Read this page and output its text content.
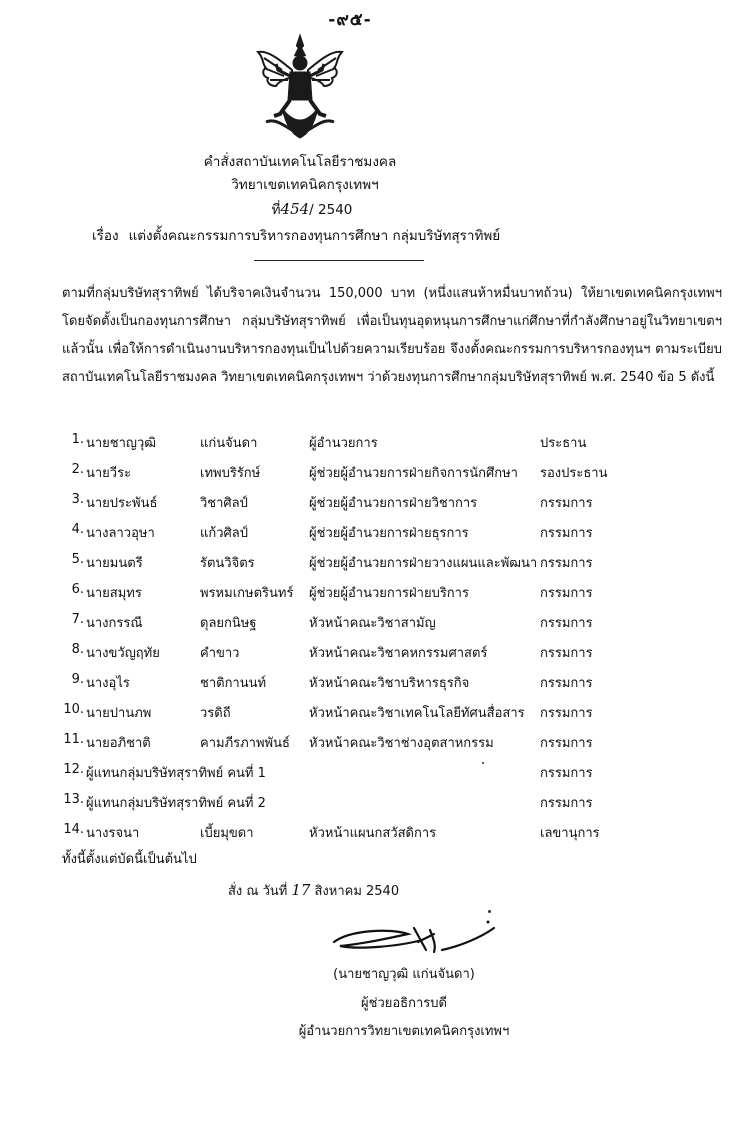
-๙๕-
คำสั่งสถาบันเทคโนโลยีราชมงคล
วิทยาเขตเทคนิคกรุงเทพฯ
ที่454/ 2540
เรื่อง แต่งตั้งคณะกรรมการบริหารกองทุนการศึกษา กลุ่มบริษัทสุราทิพย์
ตามที่กลุ่มบริษัทสุราทิพย์ ได้บริจาคเงินจำนวน 150,000 บาท (หนึ่งแสนห้าหมื่นบาทถ้วน) ให้ยาเขตเทคนิคกรุงเทพฯ โดยจัดตั้งเป็นกองทุนการศึกษา กลุ่มบริษัทสุราทิพย์ เพื่อเป็นทุนอุดหนุนการศึกษาแก่ศึกษาที่กำลังศึกษาอยู่ในวิทยาเขตฯ แล้วนั้น เพื่อให้การดำเนินงานบริหารกองทุนเป็นไปด้วยความเรียบร้อย จึงงตั้งคณะกรรมการบริหารกองทุนฯ ตามระเบียบสถาบันเทคโนโลยีราชมงคล วิทยาเขตเทคนิคกรุงเทพฯ ว่าด้วยงทุนการศึกษากลุ่มบริษัทสุราทิพย์ พ.ศ. 2540 ข้อ 5 ดังนี้
1. นายชาญวุฒิ	แก่นจันดา	ผู้อำนวยการ	ประธาน
2. นายวีระ	เทพบริรักษ์	ผู้ช่วยผู้อำนวยการฝ่ายกิจการนักศึกษา รองประธาน
3. นายประพันธ์	วิชาศิลป์	ผู้ช่วยผู้อำนวยการฝ่ายวิชาการ	กรรมการ
4. นางลาวอุษา	แก้วศิลป์	ผู้ช่วยผู้อำนวยการฝ่ายธุรการ	กรรมการ
5. นายมนตรี	รัตนวิจิตร	ผู้ช่วยผู้อำนวยการฝ่ายวางแผนและพัฒนา กรรมการ
6. นายสมุทร	พรหมเกษตรินทร์ ผู้ช่วยผู้อำนวยการฝ่ายบริการ	กรรมการ
7. นางกรรณี	ดุลยกนิษฐ	หัวหน้าคณะวิชาสามัญ	กรรมการ
8. นางขวัญฤทัย	คำขาว	หัวหน้าคณะวิชาคหกรรมศาสตร์	กรรมการ
9. นางอุไร	ชาติกานนท์	หัวหน้าคณะวิชาบริหารธุรกิจ	กรรมการ
10. นายปานภพ	วรดิถี	หัวหน้าคณะวิชาเทคโนโลยีทัศนสื่อสาร กรรมการ
11. นายอภิชาติ	คามภีรภาพพันธ์ หัวหน้าคณะวิชาช่างอุตสาหกรรม	กรรมการ
12. ผู้แทนกลุ่มบริษัทสุราทิพย์ คนที่ 1	กรรมการ
13. ผู้แทนกลุ่มบริษัทสุราทิพย์ คนที่ 2	กรรมการ
14. นางรจนา	เบี้ยมุขดา	หัวหน้าแผนกสวัสดิการ	เลขานุการ
ทั้งนี้ตั้งแต่บัดนี้เป็นต้นไป
สั่ง ณ วันที่ 17 สิงหาคม 2540
(นายชาญวุฒิ แก่นจันดา)
ผู้ช่วยอธิการบดี
ผู้อำนวยการวิทยาเขตเทคนิคกรุงเทพฯ
